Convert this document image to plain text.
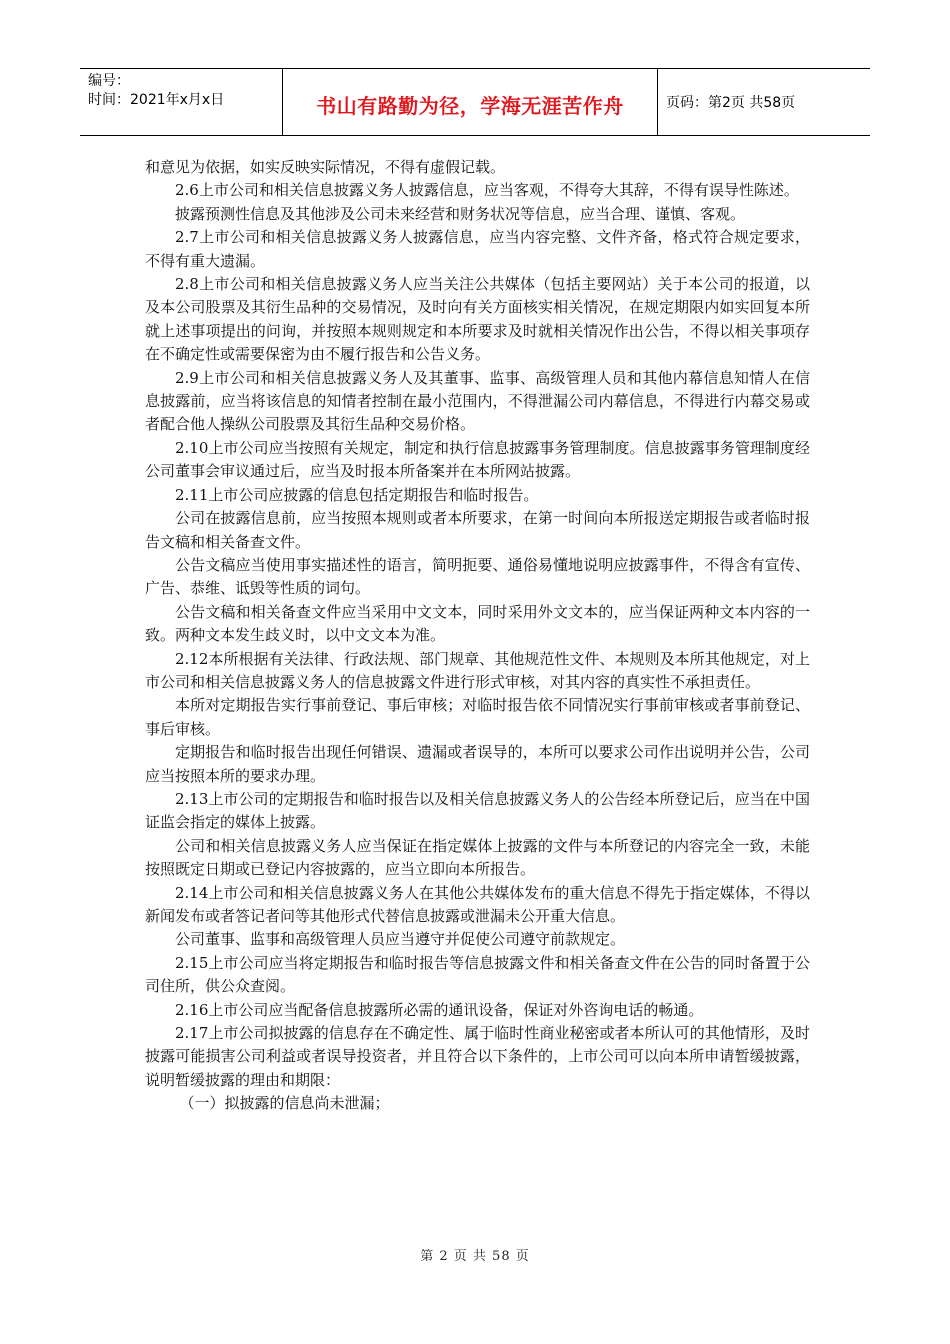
编号：
时间：2021年x月x日	书山有路勤为径，学海无涯苦作舟	页码：第2页 共58页

和意见为依据，如实反映实际情况，不得有虚假记载。

2.6上市公司和相关信息披露义务人披露信息，应当客观，不得夸大其辞，不得有误导性陈述。

披露预测性信息及其他涉及公司未来经营和财务状况等信息，应当合理、谨慎、客观。

2.7上市公司和相关信息披露义务人披露信息，应当内容完整、文件齐备，格式符合规定要求，不得有重大遗漏。

2.8上市公司和相关信息披露义务人应当关注公共媒体（包括主要网站）关于本公司的报道，以及本公司股票及其衍生品种的交易情况，及时向有关方面核实相关情况，在规定期限内如实回复本所就上述事项提出的问询，并按照本规则规定和本所要求及时就相关情况作出公告，不得以相关事项存在不确定性或需要保密为由不履行报告和公告义务。

2.9上市公司和相关信息披露义务人及其董事、监事、高级管理人员和其他内幕信息知情人在信息披露前，应当将该信息的知情者控制在最小范围内，不得泄漏公司内幕信息，不得进行内幕交易或者配合他人操纵公司股票及其衍生品种交易价格。

2.10上市公司应当按照有关规定，制定和执行信息披露事务管理制度。信息披露事务管理制度经公司董事会审议通过后，应当及时报本所备案并在本所网站披露。

2.11上市公司应披露的信息包括定期报告和临时报告。

公司在披露信息前，应当按照本规则或者本所要求，在第一时间向本所报送定期报告或者临时报告文稿和相关备查文件。

公告文稿应当使用事实描述性的语言，简明扼要、通俗易懂地说明应披露事件，不得含有宣传、广告、恭维、诋毁等性质的词句。

公告文稿和相关备查文件应当采用中文文本，同时采用外文文本的，应当保证两种文本内容的一致。两种文本发生歧义时，以中文文本为准。

2.12本所根据有关法律、行政法规、部门规章、其他规范性文件、本规则及本所其他规定，对上市公司和相关信息披露义务人的信息披露文件进行形式审核，对其内容的真实性不承担责任。

本所对定期报告实行事前登记、事后审核；对临时报告依不同情况实行事前审核或者事前登记、事后审核。

定期报告和临时报告出现任何错误、遗漏或者误导的，本所可以要求公司作出说明并公告，公司应当按照本所的要求办理。

2.13上市公司的定期报告和临时报告以及相关信息披露义务人的公告经本所登记后，应当在中国证监会指定的媒体上披露。

公司和相关信息披露义务人应当保证在指定媒体上披露的文件与本所登记的内容完全一致，未能按照既定日期或已登记内容披露的，应当立即向本所报告。

2.14上市公司和相关信息披露义务人在其他公共媒体发布的重大信息不得先于指定媒体，不得以新闻发布或者答记者问等其他形式代替信息披露或泄漏未公开重大信息。

公司董事、监事和高级管理人员应当遵守并促使公司遵守前款规定。

2.15上市公司应当将定期报告和临时报告等信息披露文件和相关备查文件在公告的同时备置于公司住所，供公众查阅。

2.16上市公司应当配备信息披露所必需的通讯设备，保证对外咨询电话的畅通。

2.17上市公司拟披露的信息存在不确定性、属于临时性商业秘密或者本所认可的其他情形，及时披露可能损害公司利益或者误导投资者，并且符合以下条件的，上市公司可以向本所申请暂缓披露，说明暂缓披露的理由和期限：

（一）拟披露的信息尚未泄漏；

第 2 页 共 58 页
